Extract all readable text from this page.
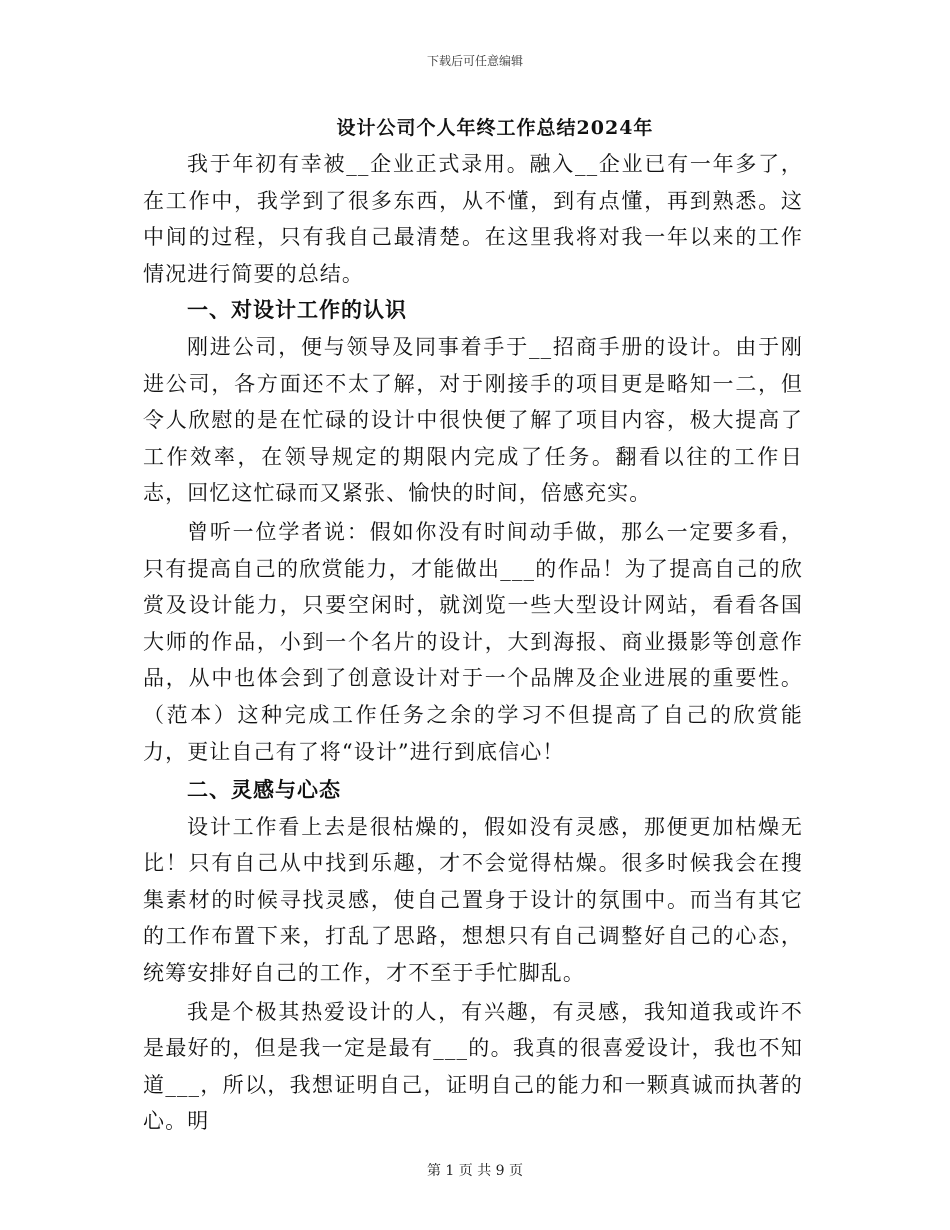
下载后可任意编辑
设计公司个人年终工作总结2024年

我于年初有幸被__企业正式录用。融入__企业已有一年多了，在工作中，我学到了很多东西，从不懂，到有点懂，再到熟悉。这中间的过程，只有我自己最清楚。在这里我将对我一年以来的工作情况进行简要的总结。

一、对设计工作的认识

刚进公司，便与领导及同事着手于__招商手册的设计。由于刚进公司，各方面还不太了解，对于刚接手的项目更是略知一二，但令人欣慰的是在忙碌的设计中很快便了解了项目内容，极大提高了工作效率，在领导规定的期限内完成了任务。翻看以往的工作日志，回忆这忙碌而又紧张、愉快的时间，倍感充实。

曾听一位学者说：假如你没有时间动手做，那么一定要多看，只有提高自己的欣赏能力，才能做出___的作品！为了提高自己的欣赏及设计能力，只要空闲时，就浏览一些大型设计网站，看看各国大师的作品，小到一个名片的设计，大到海报、商业摄影等创意作品，从中也体会到了创意设计对于一个品牌及企业进展的重要性。（范本）这种完成工作任务之余的学习不但提高了自己的欣赏能力，更让自己有了将“设计”进行到底信心！

二、灵感与心态

设计工作看上去是很枯燥的，假如没有灵感，那便更加枯燥无比！只有自己从中找到乐趣，才不会觉得枯燥。很多时候我会在搜集素材的时候寻找灵感，使自己置身于设计的氛围中。而当有其它的工作布置下来，打乱了思路，想想只有自己调整好自己的心态，统筹安排好自己的工作，才不至于手忙脚乱。

我是个极其热爱设计的人，有兴趣，有灵感，我知道我或许不是最好的，但是我一定是最有___的。我真的很喜爱设计，我也不知道___，所以，我想证明自己，证明自己的能力和一颗真诚而执著的心。明

第 1 页 共 9 页
